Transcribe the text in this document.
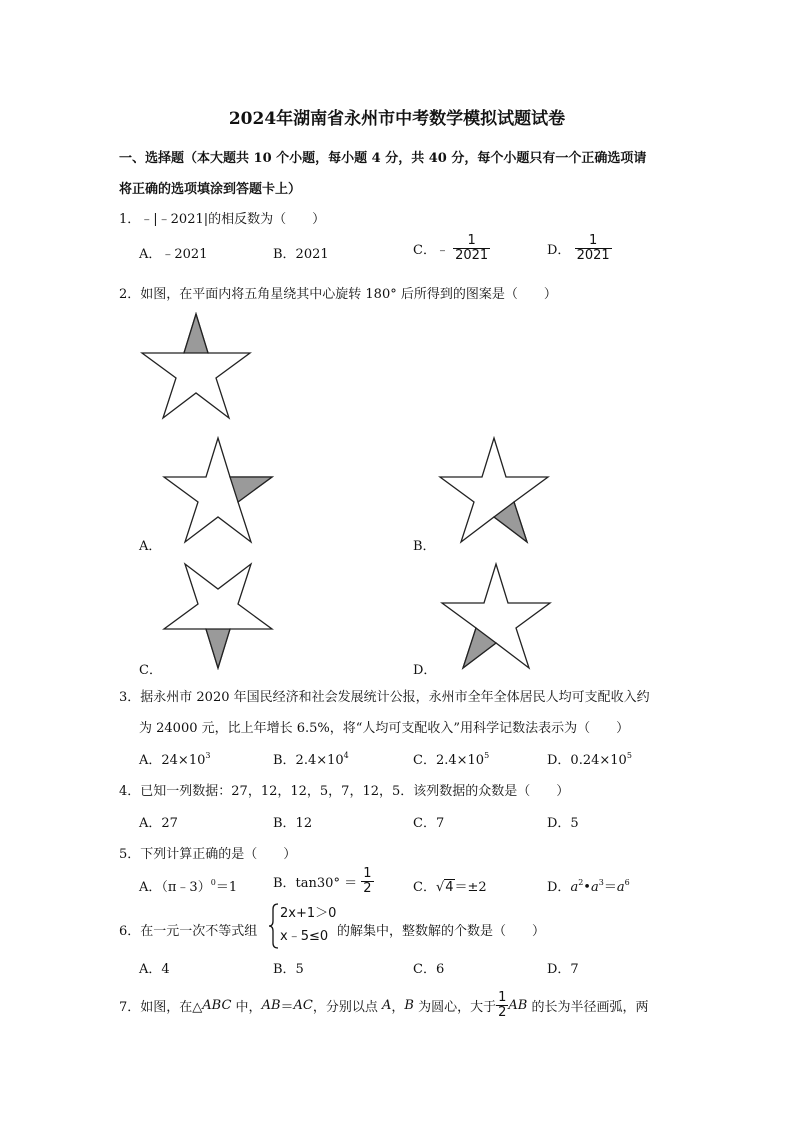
2024年湖南省永州市中考数学模拟试题试卷
一、选择题（本大题共 10 个小题，每小题 4 分，共 40 分，每个小题只有一个正确选项请
将正确的选项填涂到答题卡上）
1．﹣|﹣2021|的相反数为（　　）
A．﹣2021	B．2021	C．﹣ $\frac{1}{2021}$	D． $\frac{1}{2021}$
2．如图，在平面内将五角星绕其中心旋转 180° 后所得到的图案是（　　）
A．	B．
C．	D．
3．据永州市 2020 年国民经济和社会发展统计公报，永州市全年全体居民人均可支配收入约
为 24000 元，比上年增长 6.5%，将“人均可支配收入”用科学记数法表示为（　　）
A．$24\times 10^3$	B．$2.4\times 10^4$	C．$2.4\times 10^5$	D．$0.24\times 10^5$
4．已知一列数据：27，12，12，5，7，12，5．该列数据的众数是（　　）
A．27	B．12	C．7	D．5
5．下列计算正确的是（　　）
A．（π﹣3）$^0$＝1	B．$\tan 30^\circ = \frac{1}{2}$	C．√4＝±2	D．$a^2•a^3=a^6$
6．在一元一次不等式组
2x+1＞0
x﹣5≤0 的解集中，整数解的个数是（　　）
A．4	B．5	C．6	D．7
7．如图，在△ABC 中，AB＝AC，分别以点 A，B 为圆心，大于 $\frac{1}{2}$ AB 的长为半径画弧，两
